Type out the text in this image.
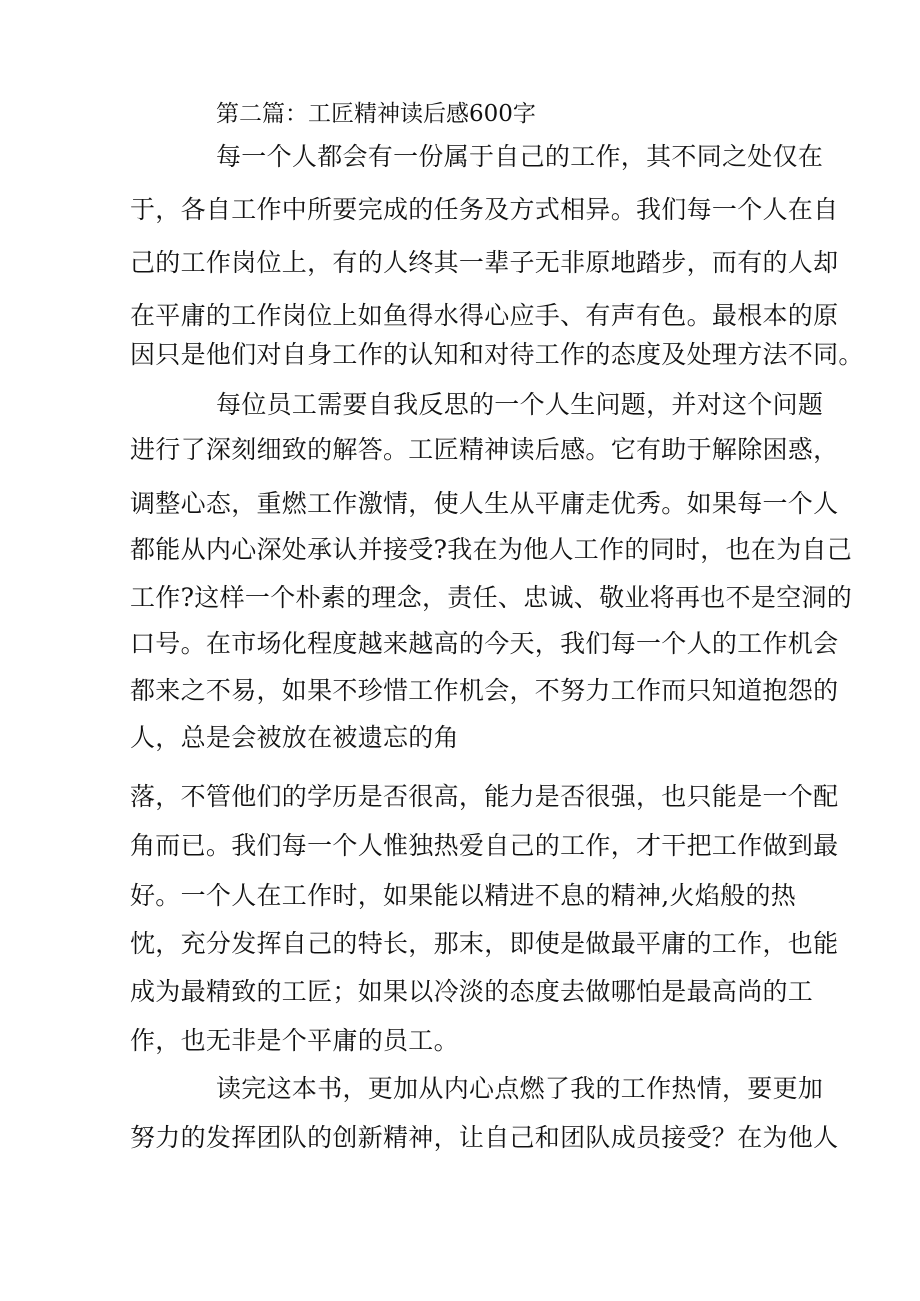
第二篇：工匠精神读后感600字
每一个人都会有一份属于自己的工作，其不同之处仅在
于，各自工作中所要完成的任务及方式相异。我们每一个人在自
己的工作岗位上，有的人终其一辈子无非原地踏步，而有的人却
在平庸的工作岗位上如鱼得水得心应手、有声有色。最根本的原
因只是他们对自身工作的认知和对待工作的态度及处理方法不同。
每位员工需要自我反思的一个人生问题，并对这个问题
进行了深刻细致的解答。工匠精神读后感。它有助于解除困惑，
调整心态，重燃工作激情，使人生从平庸走优秀。如果每一个人
都能从内心深处承认并接受?我在为他人工作的同时，也在为自己
工作?这样一个朴素的理念，责任、忠诚、敬业将再也不是空洞的
口号。在市场化程度越来越高的今天，我们每一个人的工作机会
都来之不易，如果不珍惜工作机会，不努力工作而只知道抱怨的
人，总是会被放在被遗忘的角
落，不管他们的学历是否很高，能力是否很强，也只能是一个配
角而已。我们每一个人惟独热爱自己的工作，才干把工作做到最
好。一个人在工作时，如果能以精进不息的精神,火焰般的热
忱，充分发挥自己的特长，那末，即使是做最平庸的工作，也能
成为最精致的工匠；如果以冷淡的态度去做哪怕是最高尚的工
作，也无非是个平庸的员工。
读完这本书，更加从内心点燃了我的工作热情，要更加
努力的发挥团队的创新精神，让自己和团队成员接受？在为他人
